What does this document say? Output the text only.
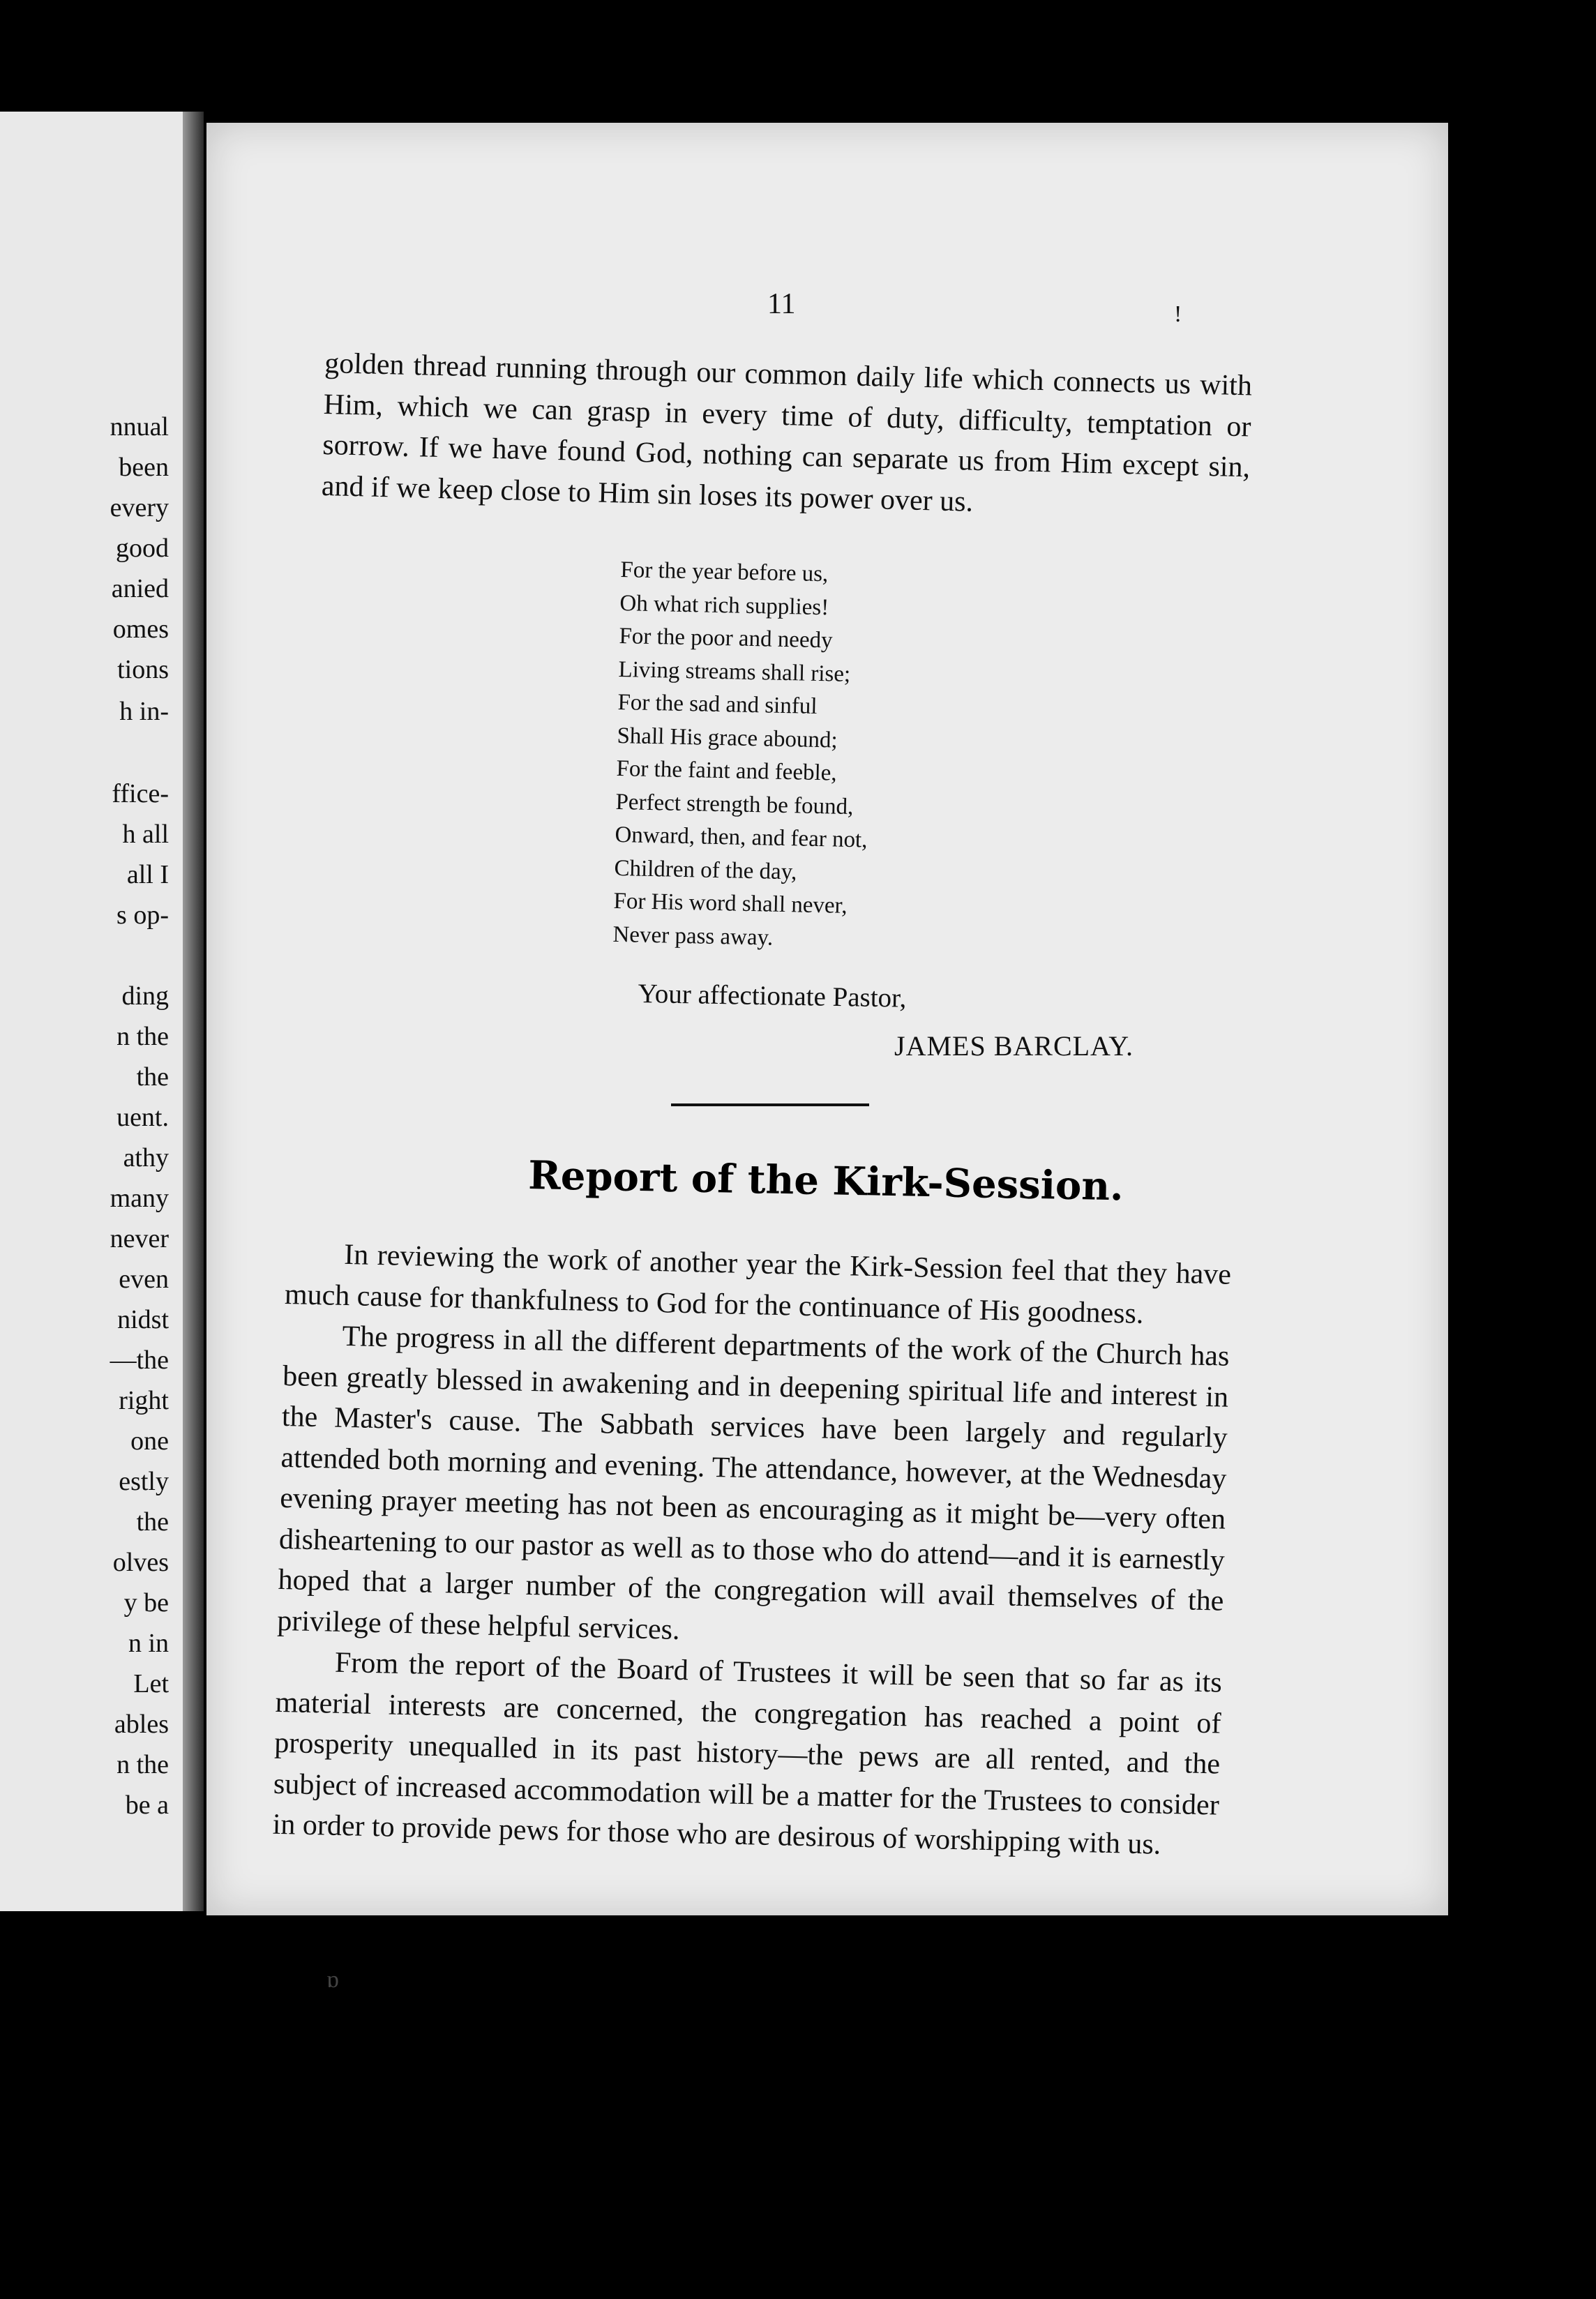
nnual
been
every
good
anied
omes
tions
h in-
ffice-
h all
all I
s op-
ding
n the
the
uent.
athy
many
never
even
nidst
—the
right
one
estly
the
olves
y be
n in
Let
ables
n the
be a
11	!

golden thread running through our common daily life which connects us with Him, which we can grasp in every time of duty, difficulty, temptation or sorrow. If we have found God, nothing can separate us from Him except sin, and if we keep close to Him sin loses its power over us.

For the year before us,
Oh what rich supplies!
For the poor and needy
Living streams shall rise;
For the sad and sinful
Shall His grace abound;
For the faint and feeble,
Perfect strength be found,
Onward, then, and fear not,
Children of the day,
For His word shall never,
Never pass away.
Your affectionate Pastor,
JAMES BARCLAY.
Report of the Kirk-Session.

In reviewing the work of another year the Kirk-Session feel that they have much cause for thankfulness to God for the continuance of His goodness.

The progress in all the different departments of the work of the Church has been greatly blessed in awakening and in deepening spiritual life and interest in the Master's cause. The Sabbath services have been largely and regularly attended both morning and evening. The attendance, however, at the Wednesday evening prayer meeting has not been as encouraging as it might be—very often disheartening to our pastor as well as to those who do attend—and it is earnestly hoped that a larger number of the congregation will avail themselves of the privilege of these helpful services.

From the report of the Board of Trustees it will be seen that so far as its material interests are concerned, the congregation has reached a point of prosperity unequalled in its past history—the pews are all rented, and the subject of increased accommodation will be a matter for the Trustees to consider in order to provide pews for those who are desirous of worshipping with us.

ɒ
